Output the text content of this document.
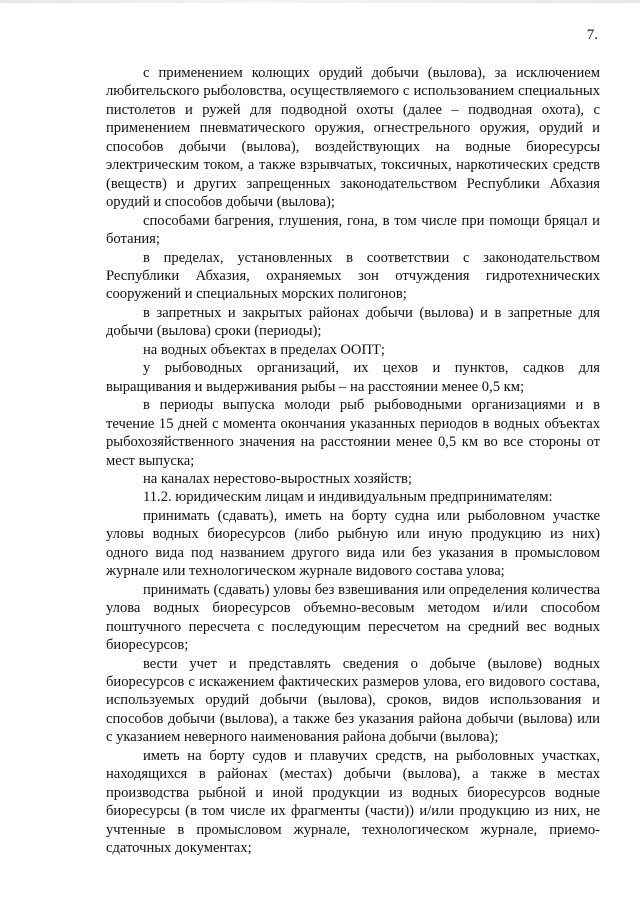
7.

с применением колющих орудий добычи (вылова), за исключением любительского рыболовства, осуществляемого с использованием специальных пистолетов и ружей для подводной охоты (далее – подводная охота), с применением пневматического оружия, огнестрельного оружия, орудий и способов добычи (вылова), воздействующих на водные биоресурсы электрическим током, а также взрывчатых, токсичных, наркотических средств (веществ) и других запрещенных законодательством Республики Абхазия орудий и способов добычи (вылова);

способами багрения, глушения, гона, в том числе при помощи бряцал и ботания;

в пределах, установленных в соответствии с законодательством Республики Абхазия, охраняемых зон отчуждения гидротехнических сооружений и специальных морских полигонов;

в запретных и закрытых районах добычи (вылова) и в запретные для добычи (вылова) сроки (периоды);

на водных объектах в пределах ООПТ;

у рыбоводных организаций, их цехов и пунктов, садков для выращивания и выдерживания рыбы – на расстоянии менее 0,5 км;

в периоды выпуска молоди рыб рыбоводными организациями и в течение 15 дней с момента окончания указанных периодов в водных объектах рыбохозяйственного значения на расстоянии менее 0,5 км во все стороны от мест выпуска;

на каналах нерестово-выростных хозяйств;

11.2. юридическим лицам и индивидуальным предпринимателям:

принимать (сдавать), иметь на борту судна или рыболовном участке уловы водных биоресурсов (либо рыбную или иную продукцию из них) одного вида под названием другого вида или без указания в промысловом журнале или технологическом журнале видового состава улова;

принимать (сдавать) уловы без взвешивания или определения количества улова водных биоресурсов объемно-весовым методом и/или способом поштучного пересчета с последующим пересчетом на средний вес водных биоресурсов;

вести учет и представлять сведения о добыче (вылове) водных биоресурсов с искажением фактических размеров улова, его видового состава, используемых орудий добычи (вылова), сроков, видов использования и способов добычи (вылова), а также без указания района добычи (вылова) или с указанием неверного наименования района добычи (вылова);

иметь на борту судов и плавучих средств, на рыболовных участках, находящихся в районах (местах) добычи (вылова), а также в местах производства рыбной и иной продукции из водных биоресурсов водные биоресурсы (в том числе их фрагменты (части)) и/или продукцию из них, не учтенные в промысловом журнале, технологическом журнале, приемо-сдаточных документах;
